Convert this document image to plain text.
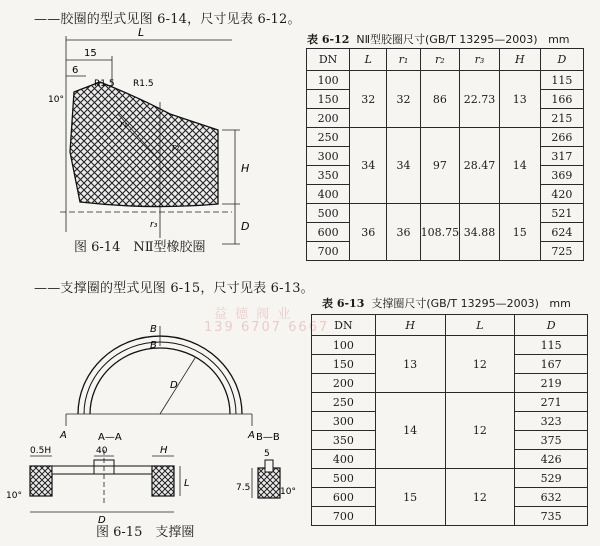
——胶圈的型式见图 6-14，尺寸见表 6-12。
L
15
6
R1.5 R1.5
10°
r₁
r₂
r₃
H
D
图 6-14　NⅡ型橡胶圈
表 6-12 NⅡ型胶圈尺寸(GB/T 13295—2003) mm
DN	L	r₁	r₂	r₃	H	D
100	32	32	86	22.73	13	115
150						166
200						215
250	34	34	97	28.47	14	266
300						317
350						369
400						420
500	36	36	108.75	34.88	15	521
600						624
700						725
——支撑圈的型式见图 6-15，尺寸见表 6-13。
益 德 阀 业
139 6707 6667
B
B
A	A
D
A—A
0.5H	40	H
L
D
10°
B—B
5
7.5	10°
图 6-15　支撑圈
表 6-13 支撑圈尺寸(GB/T 13295—2003) mm
DN	H	L	D
100	13	12	115
150			167
200			219
250	14	12	271
300			323
350			375
400			426
500	15	12	529
600			632
700			735
